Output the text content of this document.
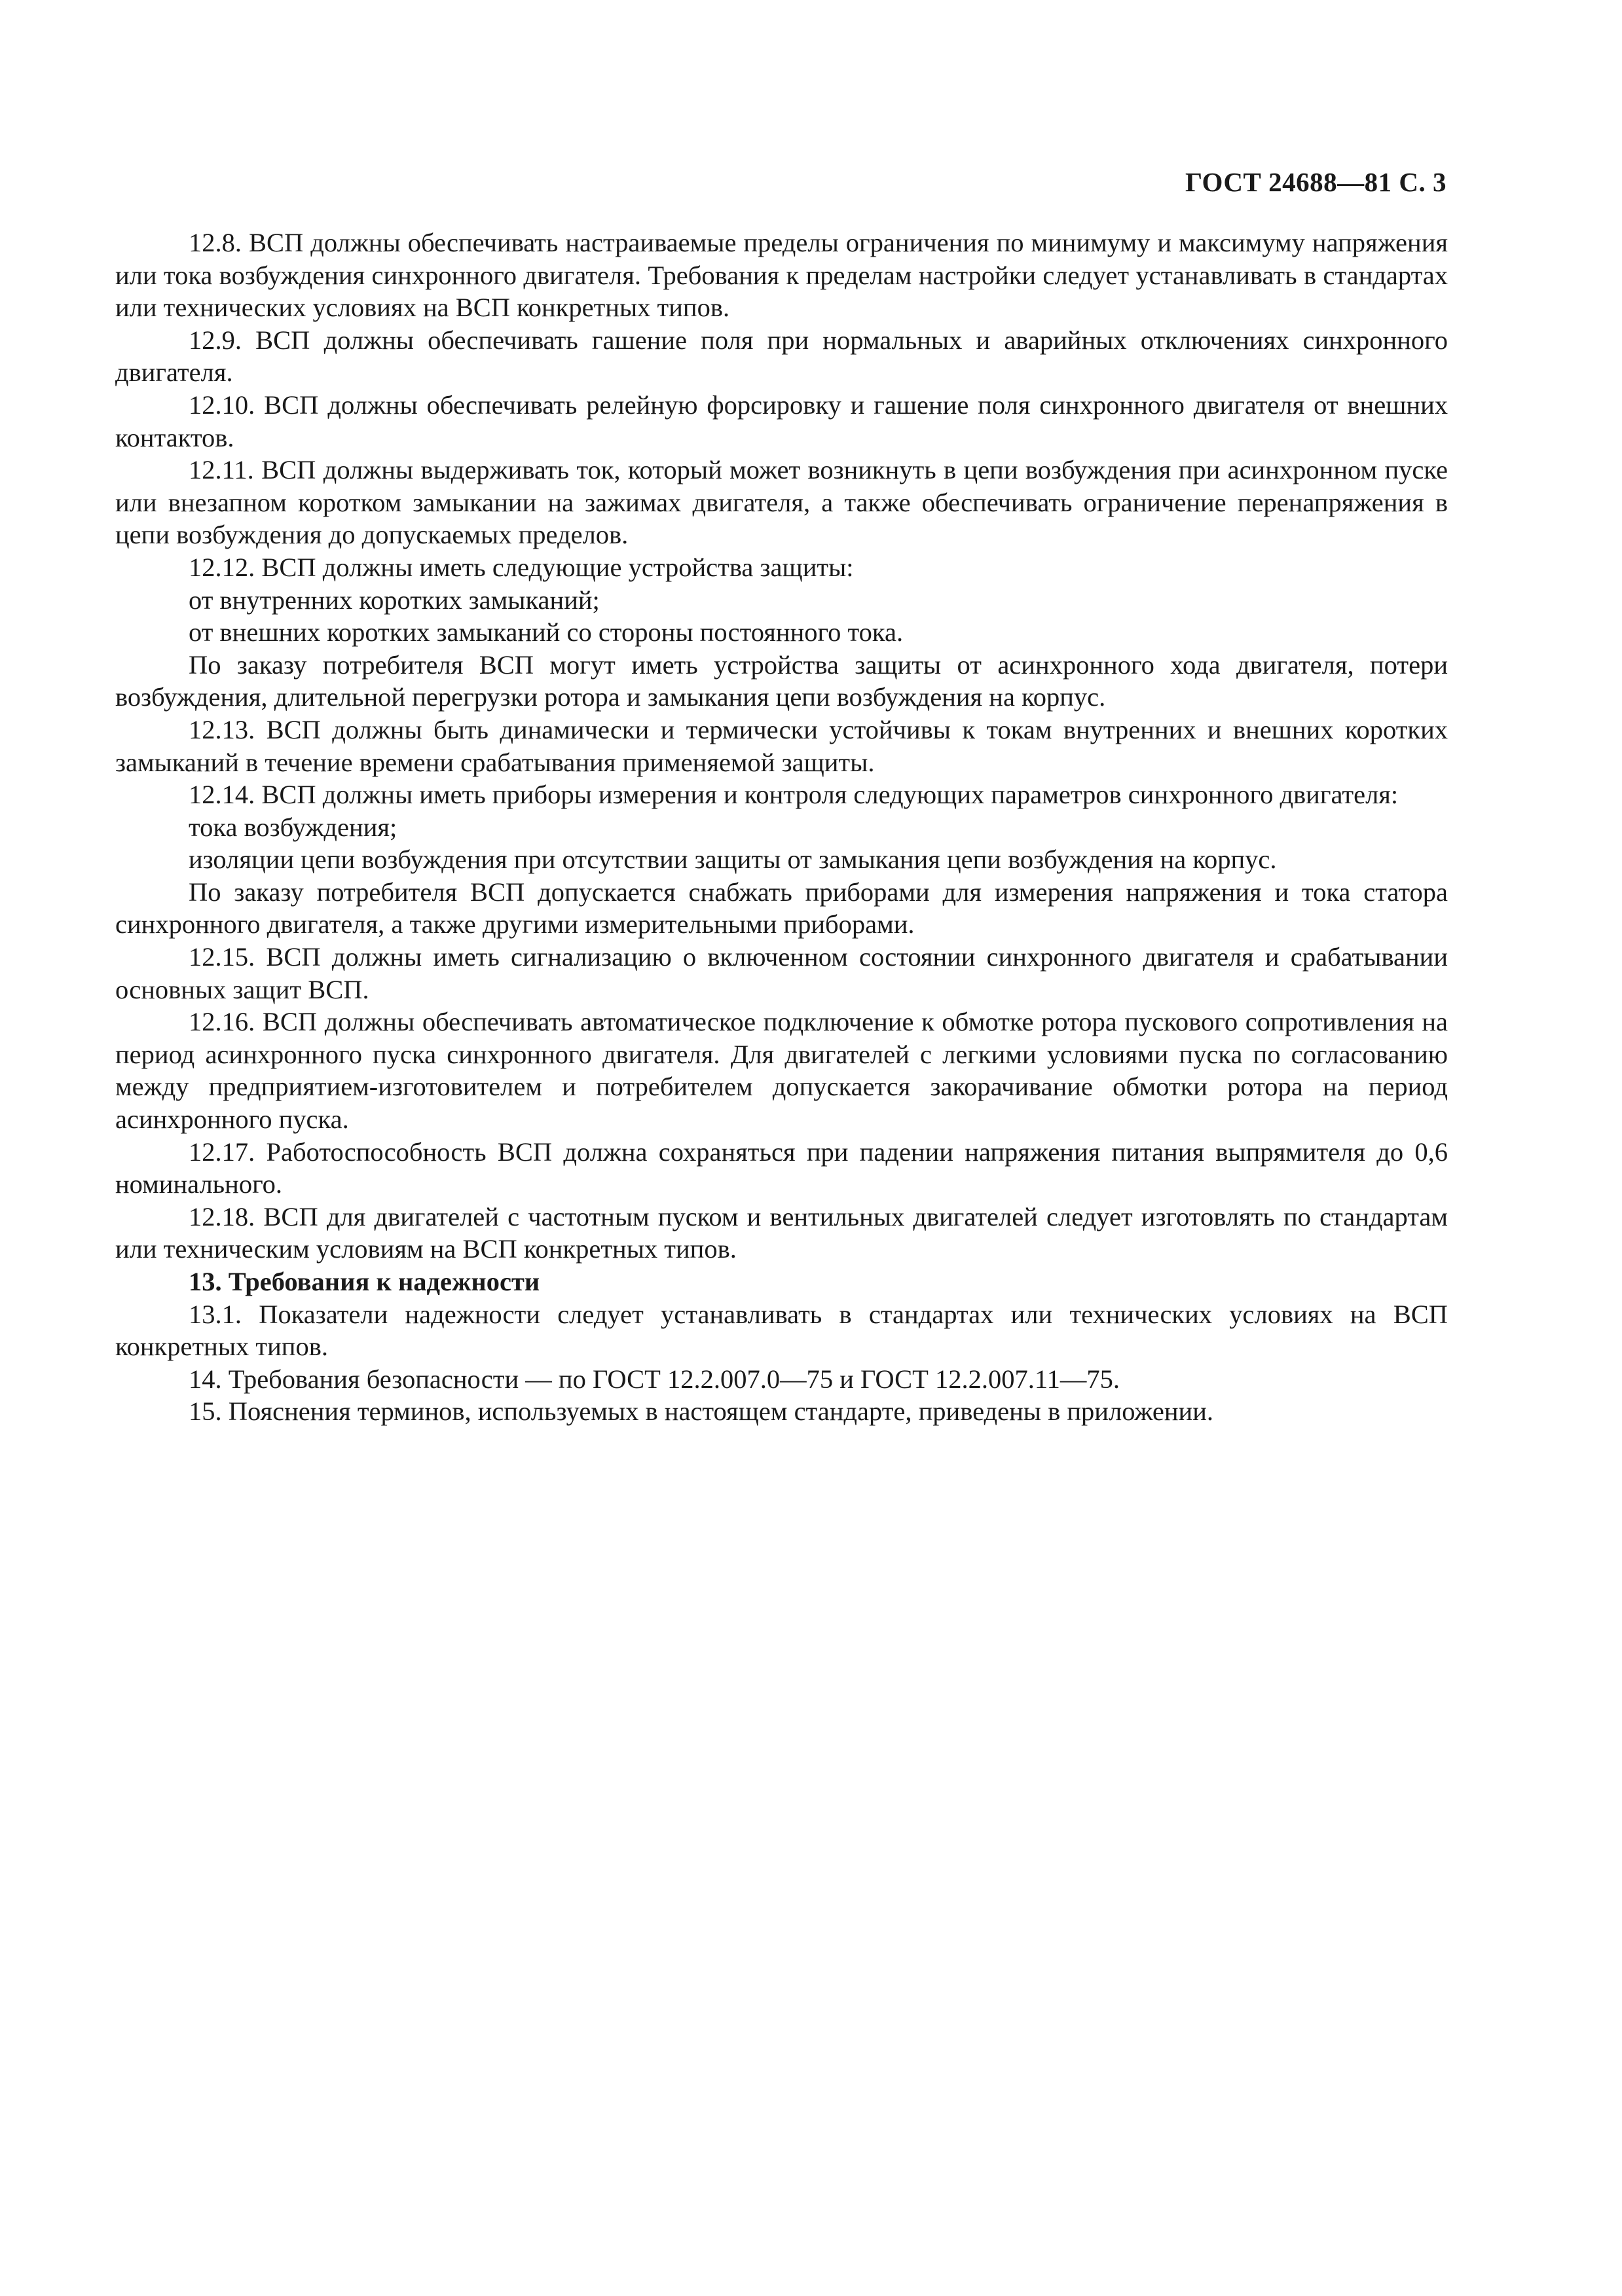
ГОСТ 24688—81 С. 3

12.8. ВСП должны обеспечивать настраиваемые пределы ограничения по минимуму и максимуму напряжения или тока возбуждения синхронного двигателя. Требования к пределам настройки следует устанавливать в стандартах или технических условиях на ВСП конкретных типов.

12.9. ВСП должны обеспечивать гашение поля при нормальных и аварийных отключениях синхронного двигателя.

12.10. ВСП должны обеспечивать релейную форсировку и гашение поля синхронного двигателя от внешних контактов.

12.11. ВСП должны выдерживать ток, который может возникнуть в цепи возбуждения при асинхронном пуске или внезапном коротком замыкании на зажимах двигателя, а также обеспечивать ограничение перенапряжения в цепи возбуждения до допускаемых пределов.

12.12. ВСП должны иметь следующие устройства защиты:

от внутренних коротких замыканий;

от внешних коротких замыканий со стороны постоянного тока.

По заказу потребителя ВСП могут иметь устройства защиты от асинхронного хода двигателя, потери возбуждения, длительной перегрузки ротора и замыкания цепи возбуждения на корпус.

12.13. ВСП должны быть динамически и термически устойчивы к токам внутренних и внешних коротких замыканий в течение времени срабатывания применяемой защиты.

12.14. ВСП должны иметь приборы измерения и контроля следующих параметров синхронного двигателя:

тока возбуждения;

изоляции цепи возбуждения при отсутствии защиты от замыкания цепи возбуждения на корпус.

По заказу потребителя ВСП допускается снабжать приборами для измерения напряжения и тока статора синхронного двигателя, а также другими измерительными приборами.

12.15. ВСП должны иметь сигнализацию о включенном состоянии синхронного двигателя и срабатывании основных защит ВСП.

12.16. ВСП должны обеспечивать автоматическое подключение к обмотке ротора пускового сопротивления на период асинхронного пуска синхронного двигателя. Для двигателей с легкими условиями пуска по согласованию между предприятием-изготовителем и потребителем допускается закорачивание обмотки ротора на период асинхронного пуска.

12.17. Работоспособность ВСП должна сохраняться при падении напряжения питания выпрямителя до 0,6 номинального.

12.18. ВСП для двигателей с частотным пуском и вентильных двигателей следует изготовлять по стандартам или техническим условиям на ВСП конкретных типов.

13. Требования к надежности

13.1. Показатели надежности следует устанавливать в стандартах или технических условиях на ВСП конкретных типов.

14. Требования безопасности — по ГОСТ 12.2.007.0—75 и ГОСТ 12.2.007.11—75.

15. Пояснения терминов, используемых в настоящем стандарте, приведены в приложении.
